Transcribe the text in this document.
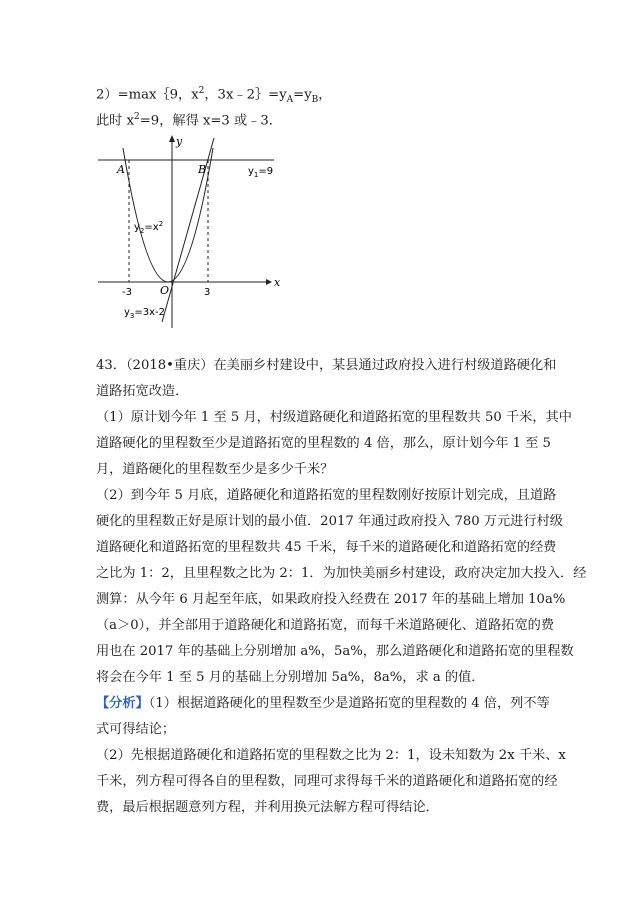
2）=max｛9，$x^2$，$3x﹣2\}=y_A=y_B$，
此时 $x^2=9$，解得 x=3 或﹣3．
y
x
A	B
O
-3	3
$y_1=9$
$y_2=x^2$
$y_3=3x-2$
43．（2018•重庆）在美丽乡村建设中，某县通过政府投入进行村级道路硬化和
道路拓宽改造．
（1）原计划今年 1 至 5 月，村级道路硬化和道路拓宽的里程数共 50 千米，其中
道路硬化的里程数至少是道路拓宽的里程数的 4 倍，那么，原计划今年 1 至 5
月，道路硬化的里程数至少是多少千米？
（2）到今年 5 月底，道路硬化和道路拓宽的里程数刚好按原计划完成，且道路
硬化的里程数正好是原计划的最小值．2017 年通过政府投入 780 万元进行村级
道路硬化和道路拓宽的里程数共 45 千米，每千米的道路硬化和道路拓宽的经费
之比为 1：2，且里程数之比为 2：1．为加快美丽乡村建设，政府决定加大投入．经
测算：从今年 6 月起至年底，如果政府投入经费在 2017 年的基础上增加 10a%
（a＞0），并全部用于道路硬化和道路拓宽，而每千米道路硬化、道路拓宽的费
用也在 2017 年的基础上分别增加 a%，5a%，那么道路硬化和道路拓宽的里程数
将会在今年 1 至 5 月的基础上分别增加 5a%，8a%，求 a 的值．
【分析】（1）根据道路硬化的里程数至少是道路拓宽的里程数的 4 倍，列不等
式可得结论；
（2）先根据道路硬化和道路拓宽的里程数之比为 2：1，设未知数为 2x 千米、x
千米，列方程可得各自的里程数，同理可求得每千米的道路硬化和道路拓宽的经
费，最后根据题意列方程，并利用换元法解方程可得结论．
